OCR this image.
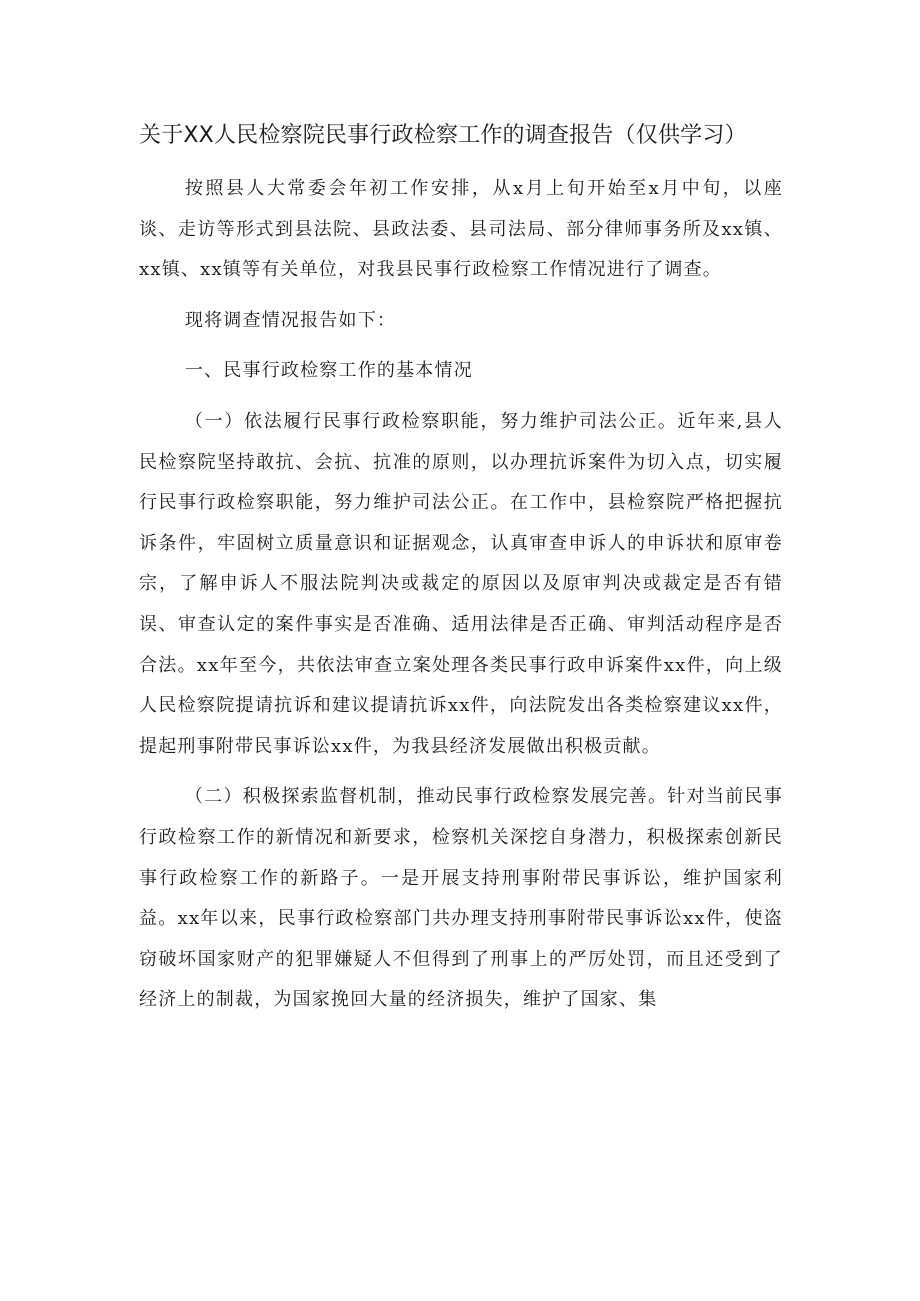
关于XX人民检察院民事行政检察工作的调查报告（仅供学习）

按照县人大常委会年初工作安排，从x月上旬开始至x月中旬，以座谈、走访等形式到县法院、县政法委、县司法局、部分律师事务所及xx镇、xx镇、xx镇等有关单位，对我县民事行政检察工作情况进行了调查。

现将调查情况报告如下：

一、民事行政检察工作的基本情况

（一）依法履行民事行政检察职能，努力维护司法公正。近年来,县人民检察院坚持敢抗、会抗、抗准的原则，以办理抗诉案件为切入点，切实履行民事行政检察职能，努力维护司法公正。在工作中，县检察院严格把握抗诉条件，牢固树立质量意识和证据观念，认真审查申诉人的申诉状和原审卷宗，了解申诉人不服法院判决或裁定的原因以及原审判决或裁定是否有错误、审查认定的案件事实是否准确、适用法律是否正确、审判活动程序是否合法。xx年至今，共依法审查立案处理各类民事行政申诉案件xx件，向上级人民检察院提请抗诉和建议提请抗诉xx件，向法院发出各类检察建议xx件，提起刑事附带民事诉讼xx件，为我县经济发展做出积极贡献。

（二）积极探索监督机制，推动民事行政检察发展完善。针对当前民事行政检察工作的新情况和新要求，检察机关深挖自身潜力，积极探索创新民事行政检察工作的新路子。一是开展支持刑事附带民事诉讼，维护国家利益。xx年以来，民事行政检察部门共办理支持刑事附带民事诉讼xx件，使盗窃破坏国家财产的犯罪嫌疑人不但得到了刑事上的严厉处罚，而且还受到了经济上的制裁，为国家挽回大量的经济损失，维护了国家、集
